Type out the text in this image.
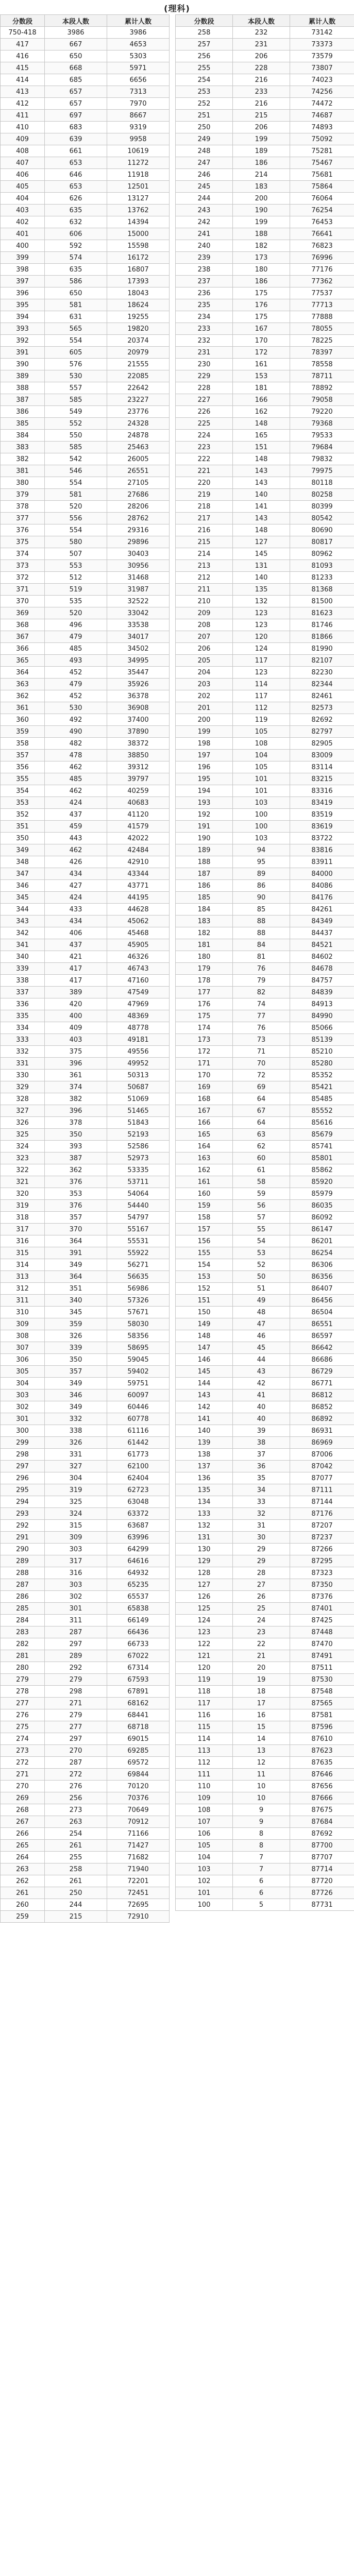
(理科)
分数段	本段人数	累计人数
750-418	3986	3986
417	667	4653
416	650	5303
415	668	5971
414	685	6656
413	657	7313
412	657	7970
411	697	8667
410	683	9319
409	639	9958
408	661	10619
407	653	11272
406	646	11918
405	653	12501
404	626	13127
403	635	13762
402	632	14394
401	606	15000
400	592	15598
399	574	16172
398	635	16807
397	586	17393
396	650	18043
395	581	18624
394	631	19255
393	565	19820
392	554	20374
391	605	20979
390	576	21555
389	530	22085
388	557	22642
387	585	23227
386	549	23776
385	552	24328
384	550	24878
383	585	25463
382	542	26005
381	546	26551
380	554	27105
379	581	27686
378	520	28206
377	556	28762
376	554	29316
375	580	29896
374	507	30403
373	553	30956
372	512	31468
371	519	31987
370	535	32522
369	520	33042
368	496	33538
367	479	34017
366	485	34502
365	493	34995
364	452	35447
363	479	35926
362	452	36378
361	530	36908
360	492	37400
359	490	37890
358	482	38372
357	478	38850
356	462	39312
355	485	39797
354	462	40259
353	424	40683
352	437	41120
351	459	41579
350	443	42022
349	462	42484
348	426	42910
347	434	43344
346	427	43771
345	424	44195
344	433	44628
343	434	45062
342	406	45468
341	437	45905
340	421	46326
339	417	46743
338	417	47160
337	389	47549
336	420	47969
335	400	48369
334	409	48778
333	403	49181
332	375	49556
331	396	49952
330	361	50313
329	374	50687
328	382	51069
327	396	51465
326	378	51843
325	350	52193
324	393	52586
323	387	52973
322	362	53335
321	376	53711
320	353	54064
319	376	54440
318	357	54797
317	370	55167
316	364	55531
315	391	55922
314	349	56271
313	364	56635
312	351	56986
311	340	57326
310	345	57671
309	359	58030
308	326	58356
307	339	58695
306	350	59045
305	357	59402
304	349	59751
303	346	60097
302	349	60446
301	332	60778
300	338	61116
299	326	61442
298	331	61773
297	327	62100
296	304	62404
295	319	62723
294	325	63048
293	324	63372
292	315	63687
291	309	63996
290	303	64299
289	317	64616
288	316	64932
287	303	65235
286	302	65537
285	301	65838
284	311	66149
283	287	66436
282	297	66733
281	289	67022
280	292	67314
279	279	67593
278	298	67891
277	271	68162
276	279	68441
275	277	68718
274	297	69015
273	270	69285
272	287	69572
271	272	69844
270	276	70120
269	256	70376
268	273	70649
267	263	70912
266	254	71166
265	261	71427
264	255	71682
263	258	71940
262	261	72201
261	250	72451
260	244	72695
259	215	72910
分数段	本段人数	累计人数
258	232	73142
257	231	73373
256	206	73579
255	228	73807
254	216	74023
253	233	74256
252	216	74472
251	215	74687
250	206	74893
249	199	75092
248	189	75281
247	186	75467
246	214	75681
245	183	75864
244	200	76064
243	190	76254
242	199	76453
241	188	76641
240	182	76823
239	173	76996
238	180	77176
237	186	77362
236	175	77537
235	176	77713
234	175	77888
233	167	78055
232	170	78225
231	172	78397
230	161	78558
229	153	78711
228	181	78892
227	166	79058
226	162	79220
225	148	79368
224	165	79533
223	151	79684
222	148	79832
221	143	79975
220	143	80118
219	140	80258
218	141	80399
217	143	80542
216	148	80690
215	127	80817
214	145	80962
213	131	81093
212	140	81233
211	135	81368
210	132	81500
209	123	81623
208	123	81746
207	120	81866
206	124	81990
205	117	82107
204	123	82230
203	114	82344
202	117	82461
201	112	82573
200	119	82692
199	105	82797
198	108	82905
197	104	83009
196	105	83114
195	101	83215
194	101	83316
193	103	83419
192	100	83519
191	100	83619
190	103	83722
189	94	83816
188	95	83911
187	89	84000
186	86	84086
185	90	84176
184	85	84261
183	88	84349
182	88	84437
181	84	84521
180	81	84602
179	76	84678
178	79	84757
177	82	84839
176	74	84913
175	77	84990
174	76	85066
173	73	85139
172	71	85210
171	70	85280
170	72	85352
169	69	85421
168	64	85485
167	67	85552
166	64	85616
165	63	85679
164	62	85741
163	60	85801
162	61	85862
161	58	85920
160	59	85979
159	56	86035
158	57	86092
157	55	86147
156	54	86201
155	53	86254
154	52	86306
153	50	86356
152	51	86407
151	49	86456
150	48	86504
149	47	86551
148	46	86597
147	45	86642
146	44	86686
145	43	86729
144	42	86771
143	41	86812
142	40	86852
141	40	86892
140	39	86931
139	38	86969
138	37	87006
137	36	87042
136	35	87077
135	34	87111
134	33	87144
133	32	87176
132	31	87207
131	30	87237
130	29	87266
129	29	87295
128	28	87323
127	27	87350
126	26	87376
125	25	87401
124	24	87425
123	23	87448
122	22	87470
121	21	87491
120	20	87511
119	19	87530
118	18	87548
117	17	87565
116	16	87581
115	15	87596
114	14	87610
113	13	87623
112	12	87635
111	11	87646
110	10	87656
109	10	87666
108	9	87675
107	9	87684
106	8	87692
105	8	87700
104	7	87707
103	7	87714
102	6	87720
101	6	87726
100	5	87731
